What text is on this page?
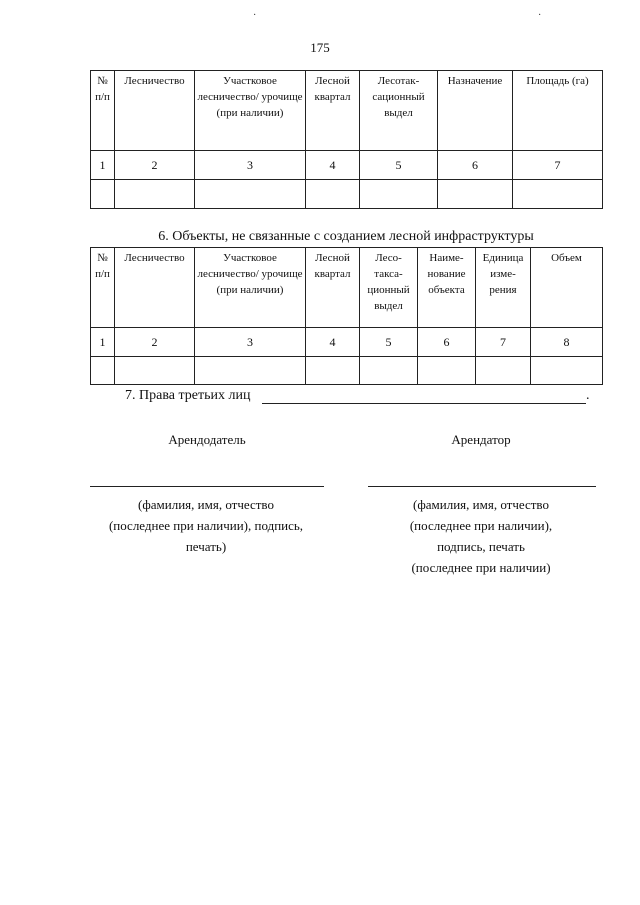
·	·
175
№ п/п	Лесничество	Участковое лесничество/ урочище (при наличии)	Лесной квартал	Лесотак-сационный выдел	Назначение	Площадь (га)
1	2	3	4	5	6	7

6. Объекты, не связанные с созданием лесной инфраструктуры
№ п/п	Лесничество	Участковое лесничество/ урочище (при наличии)	Лесной квартал	Лесо-такса-ционный выдел	Наиме-нование объекта	Единица изме-рения	Объем
1	2	3	4	5	6	7	8

7. Права третьих лиц	.
Арендодатель	Арендатор
(фамилия, имя, отчество
(последнее при наличии), подпись,
печать)
(фамилия, имя, отчество
(последнее при наличии),
подпись, печать
(последнее при наличии)
